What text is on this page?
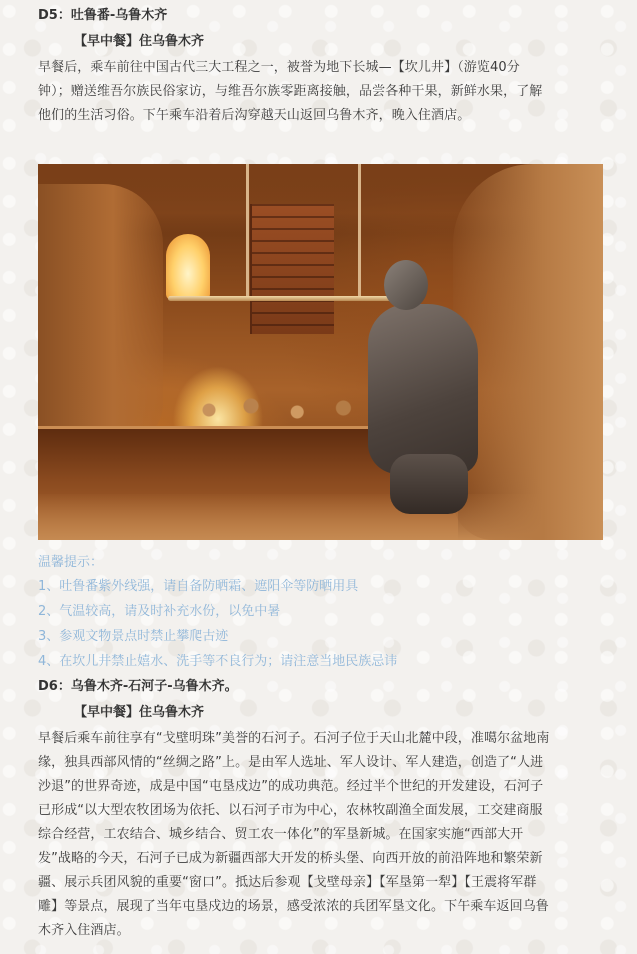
D5：吐鲁番-乌鲁木齐
【早中餐】住乌鲁木齐
早餐后，乘车前往中国古代三大工程之一，被誉为地下长城—【坎儿井】（游览40分
钟）；赠送维吾尔族民俗家访，与维吾尔族零距离接触，品尝各种干果，新鲜水果，了解
他们的生活习俗。下午乘车沿着后沟穿越天山返回乌鲁木齐，晚入住酒店。
温馨提示：
1、吐鲁番紫外线强，请自备防晒霜、遮阳伞等防晒用具
2、气温较高，请及时补充水份，以免中暑
3、参观文物景点时禁止攀爬古迹
4、在坎儿井禁止嬉水、洗手等不良行为；请注意当地民族忌讳
D6：乌鲁木齐-石河子-乌鲁木齐。
【早中餐】住乌鲁木齐
早餐后乘车前往享有“戈壁明珠”美誉的石河子。石河子位于天山北麓中段，准噶尔盆地南
缘，独具西部风情的“丝绸之路”上。是由军人选址、军人设计、军人建造，创造了“人进
沙退”的世界奇迹，成是中国“屯垦戍边”的成功典范。经过半个世纪的开发建设，石河子
已形成“以大型农牧团场为依托、以石河子市为中心，农林牧副渔全面发展，工交建商服
综合经营，工农结合、城乡结合、贸工农一体化”的军垦新城。在国家实施“西部大开
发”战略的今天，石河子已成为新疆西部大开发的桥头堡、向西开放的前沿阵地和繁荣新
疆、展示兵团风貌的重要“窗口”。抵达后参观【戈壁母亲】【军垦第一犁】【王震将军群
雕】等景点，展现了当年屯垦戍边的场景，感受浓浓的兵团军垦文化。下午乘车返回乌鲁
木齐入住酒店。
